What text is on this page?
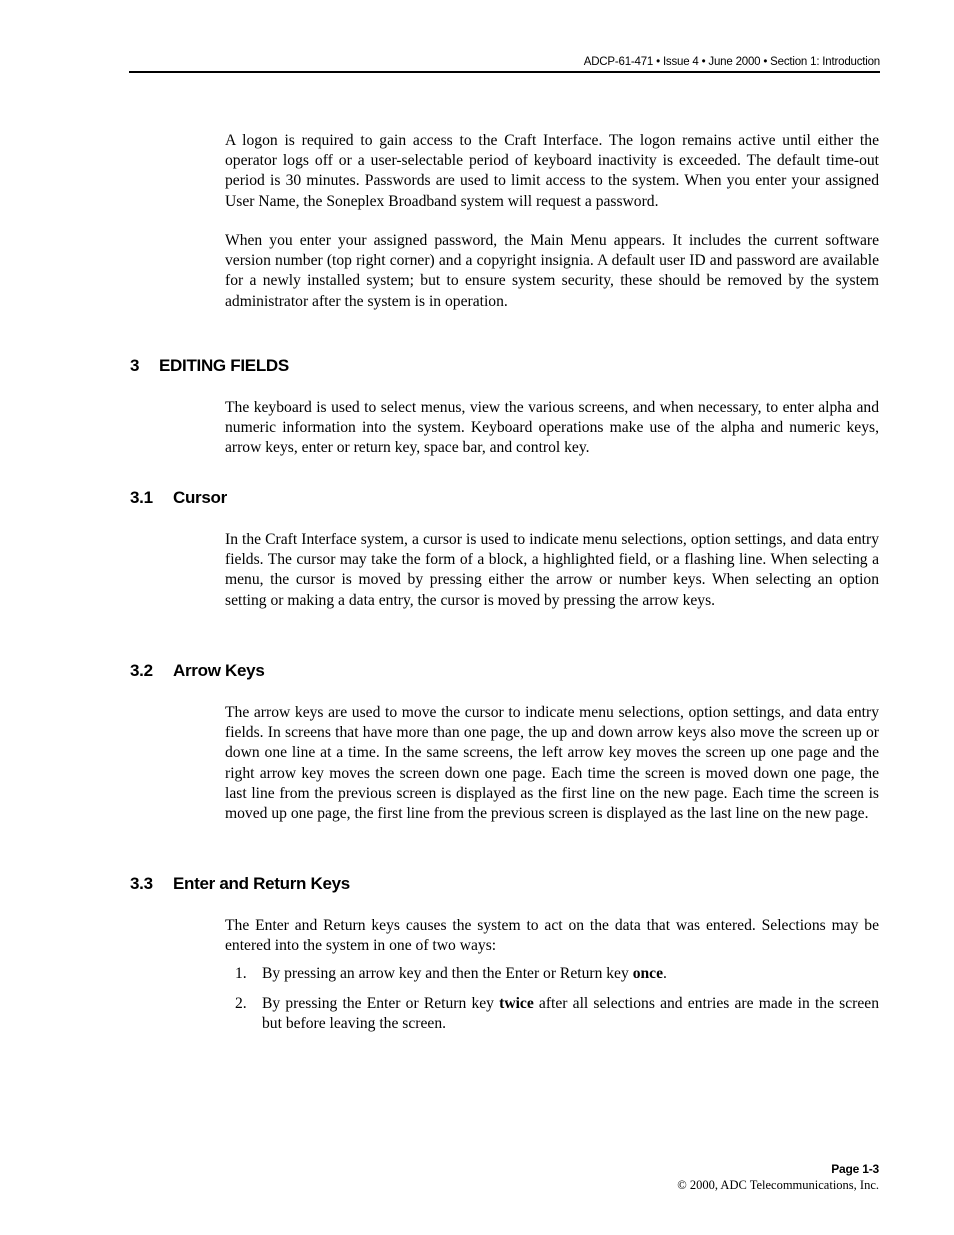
ADCP-61-471 • Issue 4 • June 2000 • Section 1: Introduction

A logon is required to gain access to the Craft Interface. The logon remains active until either the operator logs off or a user-selectable period of keyboard inactivity is exceeded. The default time-out period is 30 minutes. Passwords are used to limit access to the system. When you enter your assigned User Name, the Soneplex Broadband system will request a password.

When you enter your assigned password, the Main Menu appears. It includes the current software version number (top right corner) and a copyright insignia. A default user ID and password are available for a newly installed system; but to ensure system security, these should be removed by the system administrator after the system is in operation.

3 EDITING FIELDS

The keyboard is used to select menus, view the various screens, and when necessary, to enter alpha and numeric information into the system. Keyboard operations make use of the alpha and numeric keys, arrow keys, enter or return key, space bar, and control key.

3.1 Cursor

In the Craft Interface system, a cursor is used to indicate menu selections, option settings, and data entry fields. The cursor may take the form of a block, a highlighted field, or a flashing line. When selecting a menu, the cursor is moved by pressing either the arrow or number keys. When selecting an option setting or making a data entry, the cursor is moved by pressing the arrow keys.

3.2 Arrow Keys

The arrow keys are used to move the cursor to indicate menu selections, option settings, and data entry fields. In screens that have more than one page, the up and down arrow keys also move the screen up or down one line at a time. In the same screens, the left arrow key moves the screen up one page and the right arrow key moves the screen down one page. Each time the screen is moved down one page, the last line from the previous screen is displayed as the first line on the new page. Each time the screen is moved up one page, the first line from the previous screen is displayed as the last line on the new page.

3.3 Enter and Return Keys

The Enter and Return keys causes the system to act on the data that was entered. Selections may be entered into the system in one of two ways:

1. By pressing an arrow key and then the Enter or Return key once.
2. By pressing the Enter or Return key twice after all selections and entries are made in the screen but before leaving the screen.
Page 1-3
© 2000, ADC Telecommunications, Inc.
